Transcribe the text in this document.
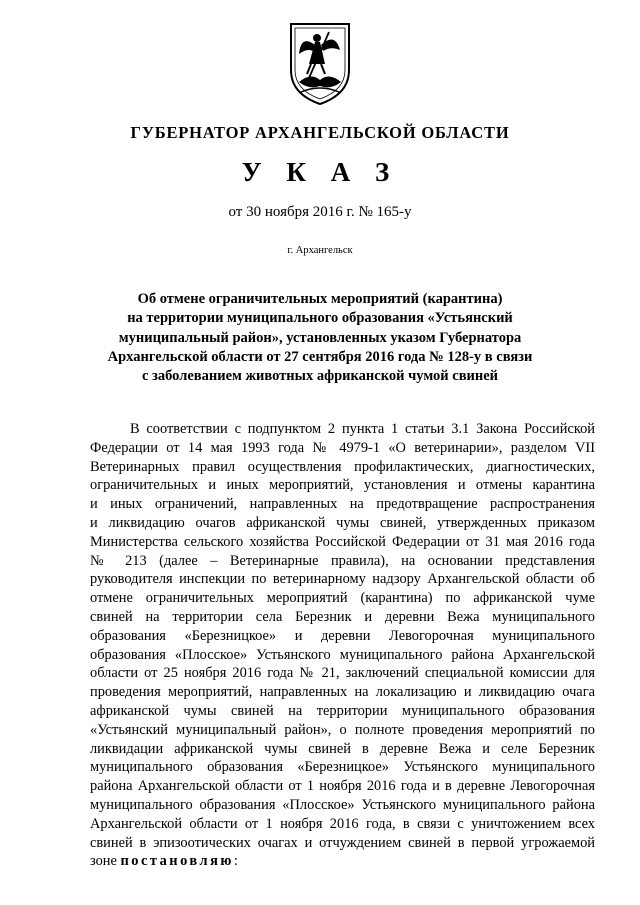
ГУБЕРНАТОР АРХАНГЕЛЬСКОЙ ОБЛАСТИ
У К А З
от 30 ноября 2016 г. № 165-у
г. Архангельск
Об отмене ограничительных мероприятий (карантина)
на территории муниципального образования «Устьянский
муниципальный район», установленных указом Губернатора
Архангельской области от 27 сентября 2016 года № 128-у в связи
с заболеванием животных африканской чумой свиней
В соответствии с подпунктом 2 пункта 1 статьи 3.1 Закона Российской
Федерации от 14 мая 1993 года № 4979-1 «О ветеринарии», разделом VII
Ветеринарных правил осуществления профилактических, диагностических,
ограничительных и иных мероприятий, установления и отмены карантина
и иных ограничений, направленных на предотвращение распространения
и ликвидацию очагов африканской чумы свиней, утвержденных приказом
Министерства сельского хозяйства Российской Федерации от 31 мая 2016 года
№ 213 (далее – Ветеринарные правила), на основании представления
руководителя инспекции по ветеринарному надзору Архангельской области об
отмене ограничительных мероприятий (карантина) по африканской чуме
свиней на территории села Березник и деревни Вежа муниципального
образования «Березницкое» и деревни Левогорочная муниципального
образования «Плосское» Устьянского муниципального района Архангельской
области от 25 ноября 2016 года № 21, заключений специальной комиссии для
проведения мероприятий, направленных на локализацию и ликвидацию очага
африканской чумы свиней на территории муниципального образования
«Устьянский муниципальный район», о полноте проведения мероприятий по
ликвидации африканской чумы свиней в деревне Вежа и селе Березник
муниципального образования «Березницкое» Устьянского муниципального
района Архангельской области от 1 ноября 2016 года и в деревне Левогорочная
муниципального образования «Плосское» Устьянского муниципального района
Архангельской области от 1 ноября 2016 года, в связи с уничтожением всех
свиней в эпизоотических очагах и отчуждением свиней в первой угрожаемой
зоне постановляю:
